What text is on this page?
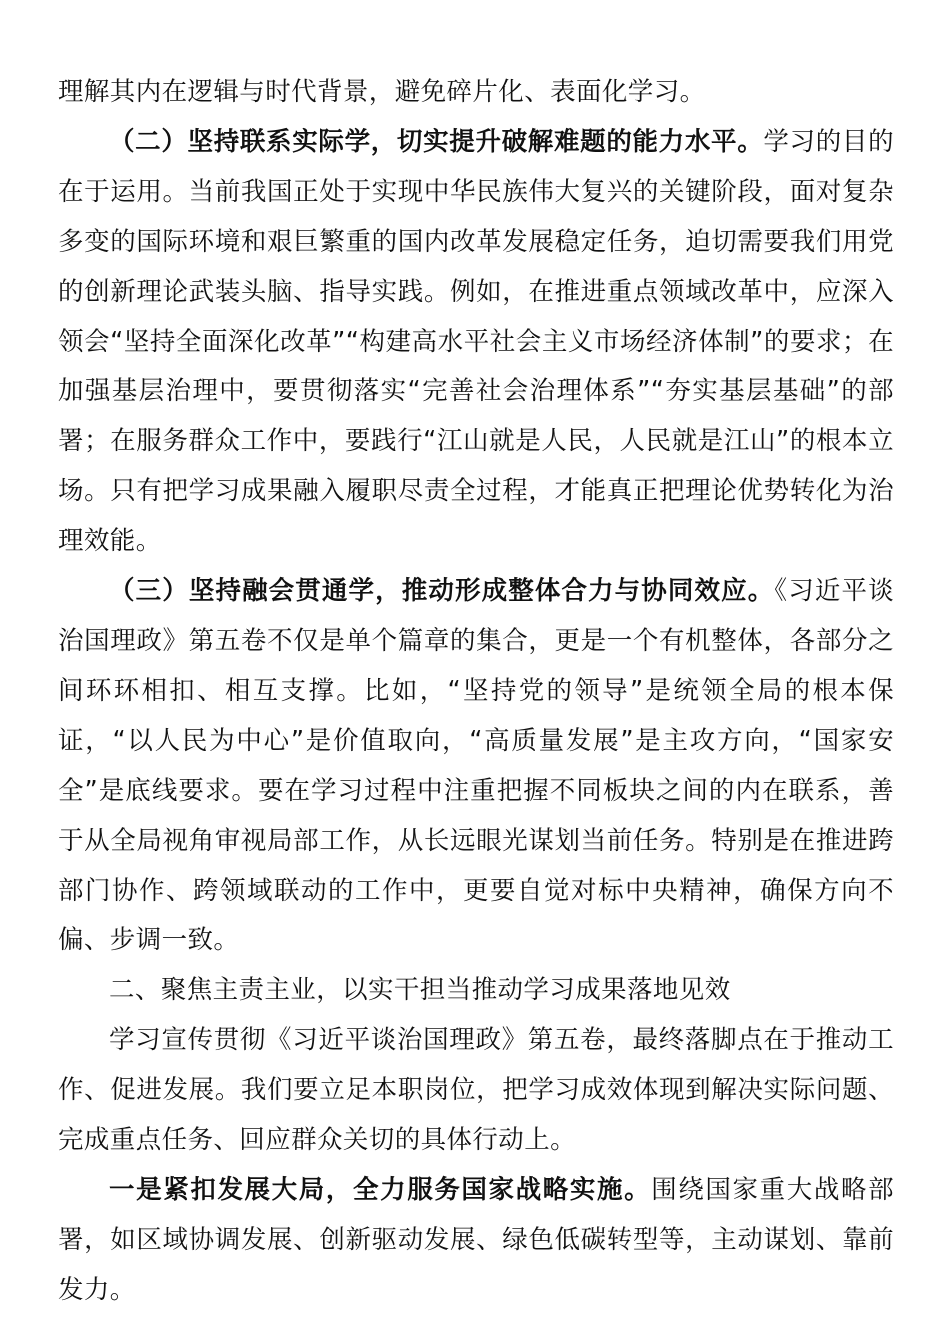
理解其内在逻辑与时代背景，避免碎片化、表面化学习。

（二）坚持联系实际学，切实提升破解难题的能力水平。学习的目的在于运用。当前我国正处于实现中华民族伟大复兴的关键阶段，面对复杂多变的国际环境和艰巨繁重的国内改革发展稳定任务，迫切需要我们用党的创新理论武装头脑、指导实践。例如，在推进重点领域改革中，应深入领会“坚持全面深化改革”“构建高水平社会主义市场经济体制”的要求；在加强基层治理中，要贯彻落实“完善社会治理体系”“夯实基层基础”的部署；在服务群众工作中，要践行“江山就是人民，人民就是江山”的根本立场。只有把学习成果融入履职尽责全过程，才能真正把理论优势转化为治理效能。

（三）坚持融会贯通学，推动形成整体合力与协同效应。《习近平谈治国理政》第五卷不仅是单个篇章的集合，更是一个有机整体，各部分之间环环相扣、相互支撑。比如，“坚持党的领导”是统领全局的根本保证，“以人民为中心”是价值取向，“高质量发展”是主攻方向，“国家安全”是底线要求。要在学习过程中注重把握不同板块之间的内在联系，善于从全局视角审视局部工作，从长远眼光谋划当前任务。特别是在推进跨部门协作、跨领域联动的工作中，更要自觉对标中央精神，确保方向不偏、步调一致。

二、聚焦主责主业，以实干担当推动学习成果落地见效

学习宣传贯彻《习近平谈治国理政》第五卷，最终落脚点在于推动工作、促进发展。我们要立足本职岗位，把学习成效体现到解决实际问题、完成重点任务、回应群众关切的具体行动上。

一是紧扣发展大局，全力服务国家战略实施。围绕国家重大战略部署，如区域协调发展、创新驱动发展、绿色低碳转型等，主动谋划、靠前发力。
